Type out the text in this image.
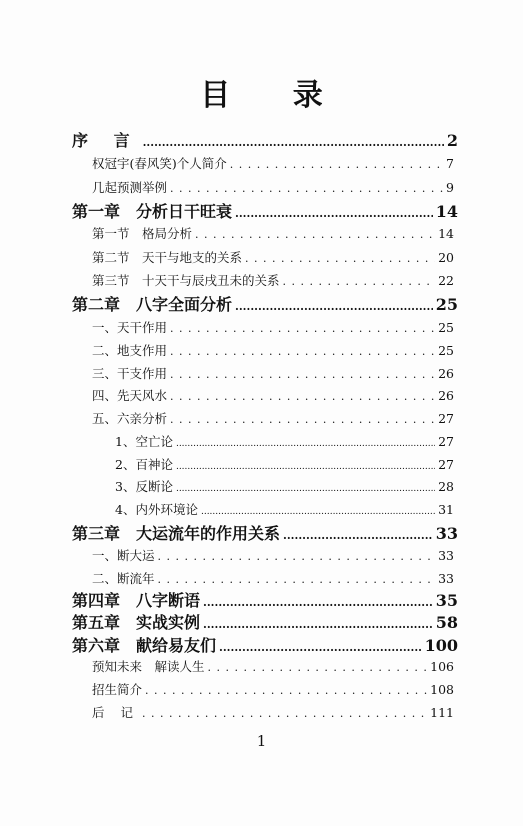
目 录
序 言 .....	2
权冠宇(春风笑)个人简介 . . .	7
几起预测举例 . . .	9
第一章　分析日干旺衰 .....	14
第一节　格局分析 . . .	14
第二节　天干与地支的关系 . . .	20
第三节　十天干与辰戌丑未的关系 . . .	22
第二章　八字全面分析 .....	25
一、天干作用 . . .	25
二、地支作用 . . .	25
三、干支作用 . . .	26
四、先天风水 . . .	26
五、六亲分析 . . .	27
1、空亡论 .....	27
2、百神论 .....	27
3、反断论 .....	28
4、内外环境论 .....	31
第三章　大运流年的作用关系 .....	33
一、断大运 . . .	33
二、断流年 . . .	33
第四章　八字断语 .....	35
第五章　实战实例 .....	58
第六章　献给易友们 .....	100
预知未来　解读人生 . . .	106
招生简介 . . .	108
后 记 . . .	111
1
